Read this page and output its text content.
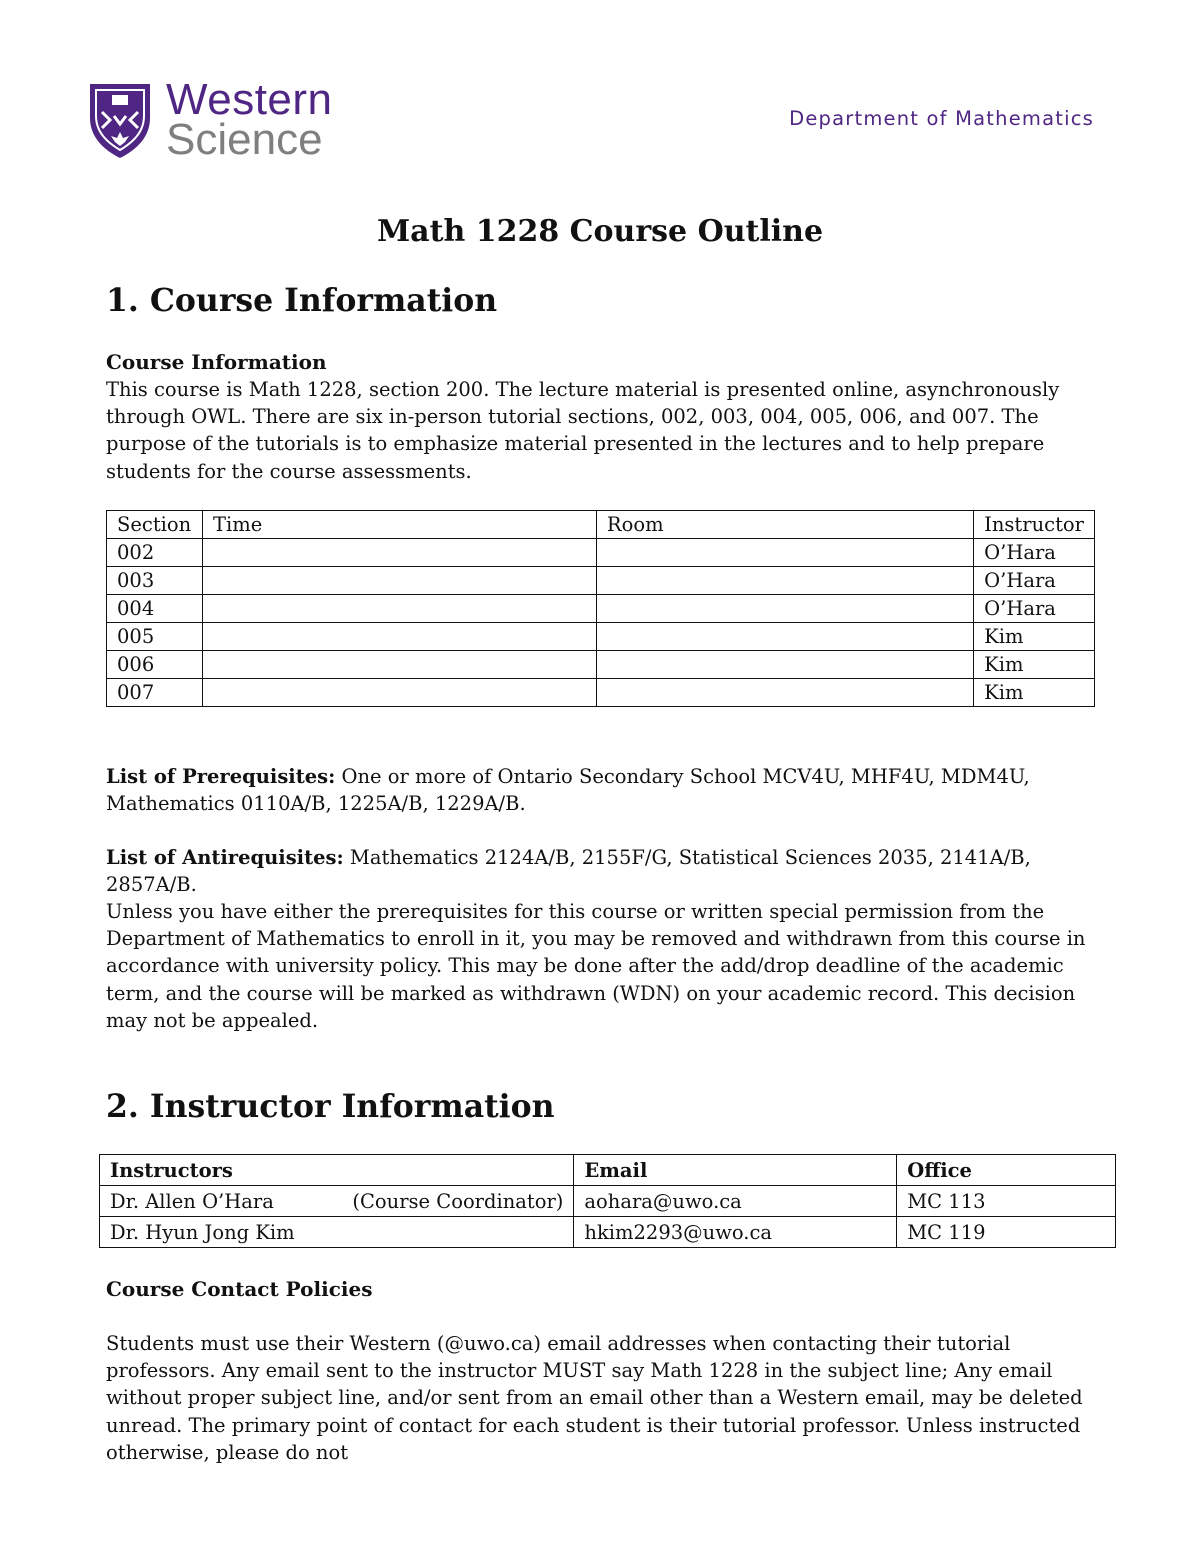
Western
Science	Department of Mathematics
Math 1228 Course Outline
1. Course Information
Course Information

This course is Math 1228, section 200. The lecture material is presented online, asynchronously through OWL. There are six in-person tutorial sections, 002, 003, 004, 005, 006, and 007. The purpose of the tutorials is to emphasize material presented in the lectures and to help prepare students for the course assessments.

Section	Time	Room	Instructor
002			O’Hara
003			O’Hara
004			O’Hara
005			Kim
006			Kim
007			Kim

List of Prerequisites: One or more of Ontario Secondary School MCV4U, MHF4U, MDM4U, Mathematics 0110A/B, 1225A/B, 1229A/B.

List of Antirequisites: Mathematics 2124A/B, 2155F/G, Statistical Sciences 2035, 2141A/B, 2857A/B.

Unless you have either the prerequisites for this course or written special permission from the Department of Mathematics to enroll in it, you may be removed and withdrawn from this course in accordance with university policy. This may be done after the add/drop deadline of the academic term, and the course will be marked as withdrawn (WDN) on your academic record. This decision may not be appealed.

2. Instructor Information
Instructors	Email	Office
Dr. Allen O’Hara (Course Coordinator)	aohara@uwo.ca	MC 113
Dr. Hyun Jong Kim	hkim2293@uwo.ca	MC 119
Course Contact Policies

Students must use their Western (@uwo.ca) email addresses when contacting their tutorial professors. Any email sent to the instructor MUST say Math 1228 in the subject line; Any email without proper subject line, and/or sent from an email other than a Western email, may be deleted unread. The primary point of contact for each student is their tutorial professor. Unless instructed otherwise, please do not
